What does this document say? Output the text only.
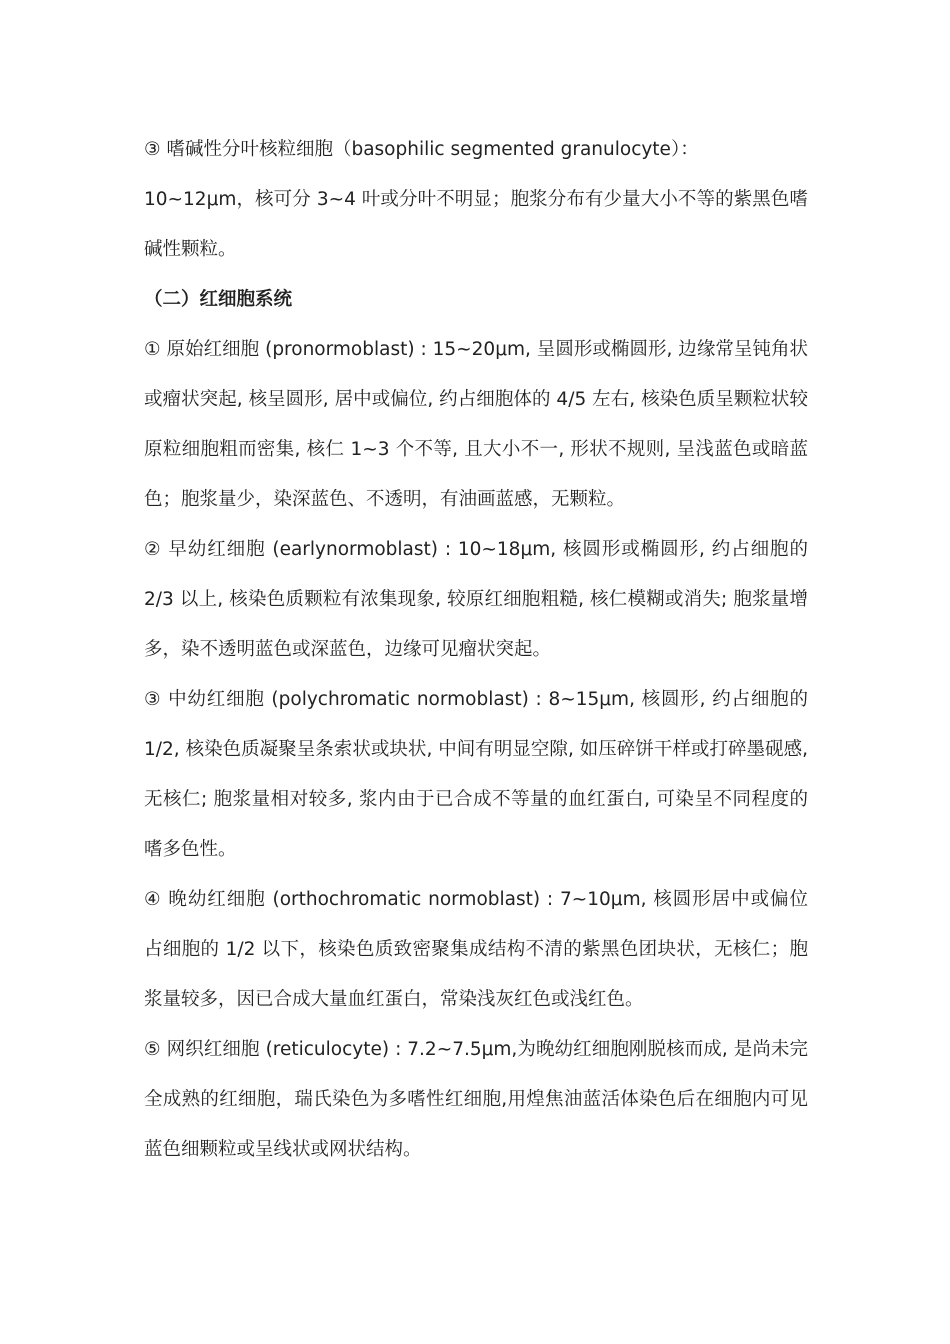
③ 嗜碱性分叶核粒细胞（basophilic segmented granulocyte）：

10~12μm，核可分 3~4 叶或分叶不明显；胞浆分布有少量大小不等的紫黑色嗜碱性颗粒。

（二）红细胞系统

① 原始红细胞 (pronormoblast) : 15~20μm, 呈圆形或椭圆形, 边缘常呈钝角状或瘤状突起, 核呈圆形, 居中或偏位, 约占细胞体的 4/5 左右, 核染色质呈颗粒状较原粒细胞粗而密集, 核仁 1~3 个不等, 且大小不一, 形状不规则, 呈浅蓝色或暗蓝色；胞浆量少，染深蓝色、不透明，有油画蓝感，无颗粒。

② 早幼红细胞 (earlynormoblast) : 10~18μm, 核圆形或椭圆形, 约占细胞的 2/3 以上, 核染色质颗粒有浓集现象, 较原红细胞粗糙, 核仁模糊或消失; 胞浆量增多，染不透明蓝色或深蓝色，边缘可见瘤状突起。

③ 中幼红细胞 (polychromatic normoblast) : 8~15μm, 核圆形, 约占细胞的 1/2, 核染色质凝聚呈条索状或块状, 中间有明显空隙, 如压碎饼干样或打碎墨砚感, 无核仁; 胞浆量相对较多, 浆内由于已合成不等量的血红蛋白, 可染呈不同程度的嗜多色性。

④ 晚幼红细胞 (orthochromatic normoblast) : 7~10μm, 核圆形居中或偏位占细胞的 1/2 以下，核染色质致密聚集成结构不清的紫黑色团块状，无核仁；胞浆量较多，因已合成大量血红蛋白，常染浅灰红色或浅红色。

⑤ 网织红细胞 (reticulocyte) : 7.2~7.5μm,为晚幼红细胞刚脱核而成, 是尚未完全成熟的红细胞，瑞氏染色为多嗜性红细胞,用煌焦油蓝活体染色后在细胞内可见蓝色细颗粒或呈线状或网状结构。
